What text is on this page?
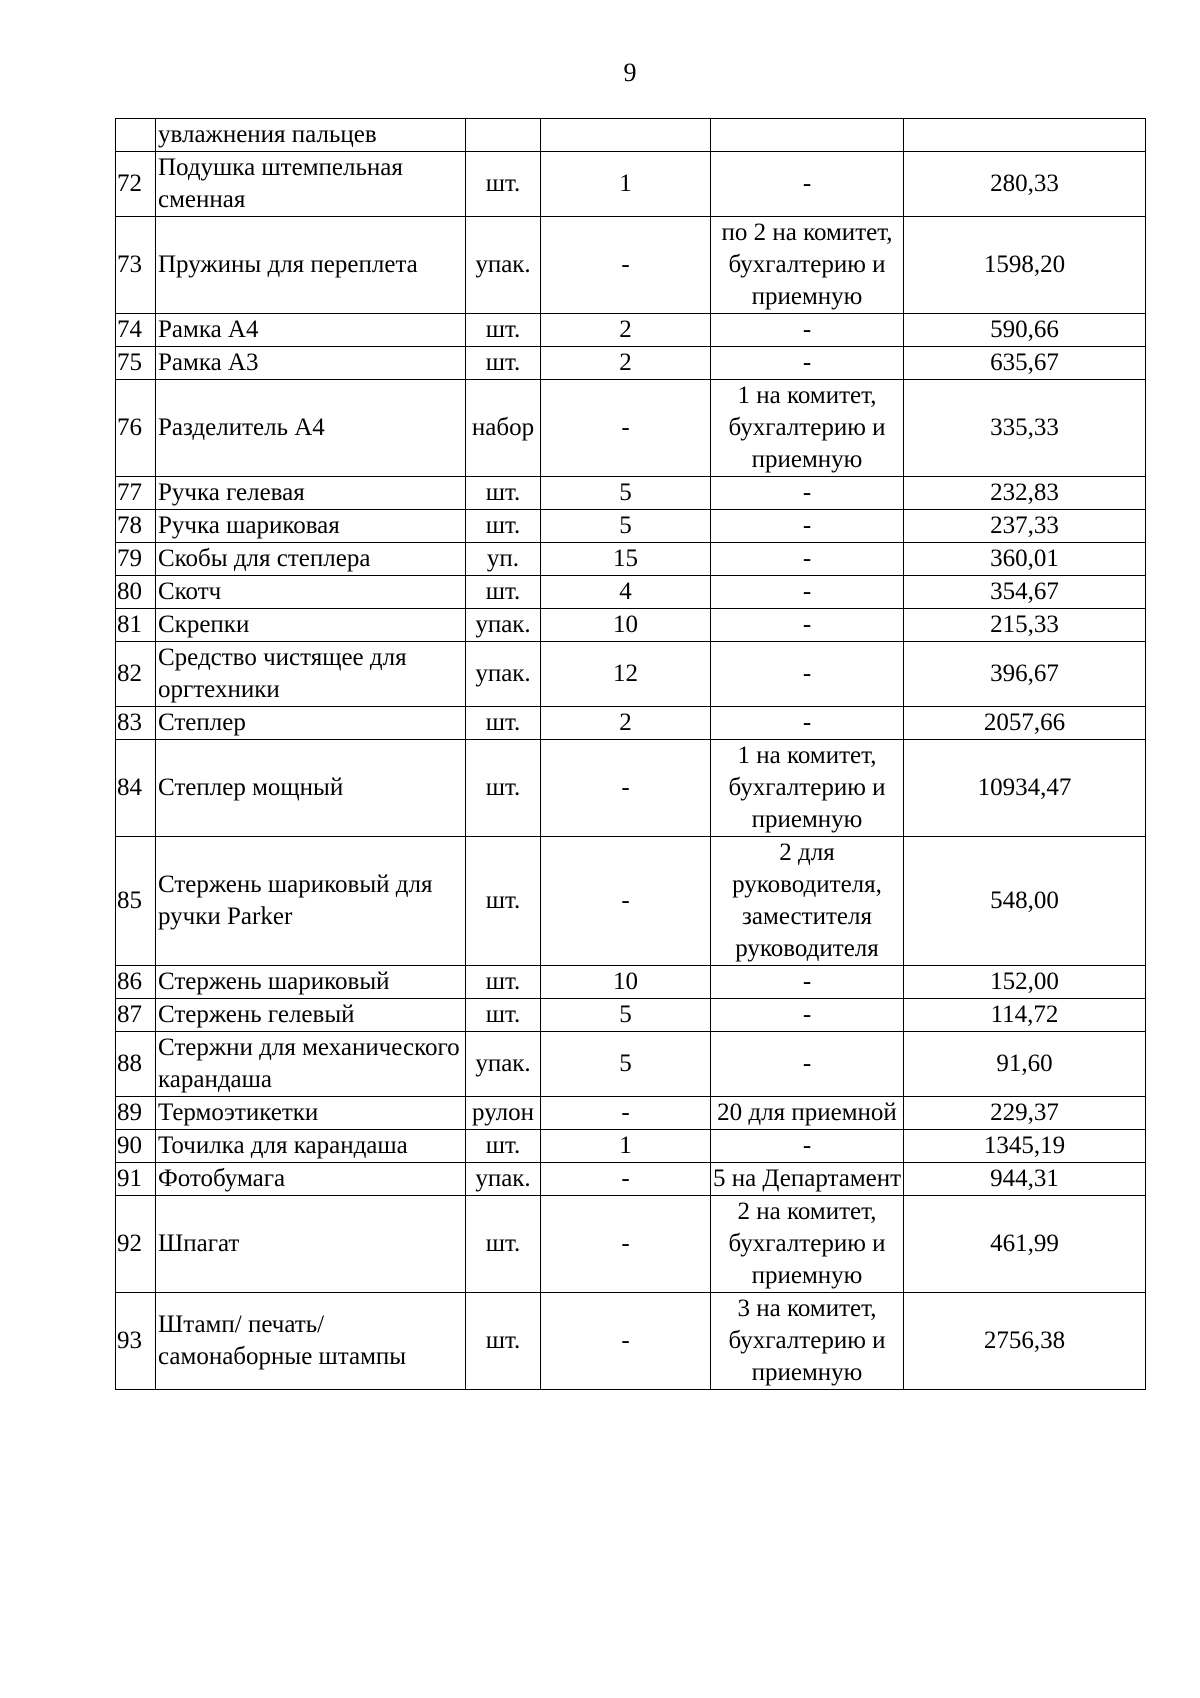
9
	увлажнения пальцев				
72	Подушка штемпельная сменная	шт.	1	-	280,33
73	Пружины для переплета	упак.	-	по 2 на комитет, бухгалтерию и приемную	1598,20
74	Рамка А4	шт.	2	-	590,66
75	Рамка А3	шт.	2	-	635,67
76	Разделитель А4	набор	-	1 на комитет, бухгалтерию и приемную	335,33
77	Ручка гелевая	шт.	5	-	232,83
78	Ручка шариковая	шт.	5	-	237,33
79	Скобы для степлера	уп.	15	-	360,01
80	Скотч	шт.	4	-	354,67
81	Скрепки	упак.	10	-	215,33
82	Средство чистящее для оргтехники	упак.	12	-	396,67
83	Степлер	шт.	2	-	2057,66
84	Степлер мощный	шт.	-	1 на комитет, бухгалтерию и приемную	10934,47
85	Стержень шариковый для ручки Parker	шт.	-	2 для руководителя, заместителя руководителя	548,00
86	Стержень шариковый	шт.	10	-	152,00
87	Стержень гелевый	шт.	5	-	114,72
88	Стержни для механического карандаша	упак.	5	-	91,60
89	Термоэтикетки	рулон	-	20 для приемной	229,37
90	Точилка для карандаша	шт.	1	-	1345,19
91	Фотобумага	упак.	-	5 на Департамент	944,31
92	Шпагат	шт.	-	2 на комитет, бухгалтерию и приемную	461,99
93	Штамп/ печать/самонаборные штампы	шт.	-	3 на комитет, бухгалтерию и приемную	2756,38
